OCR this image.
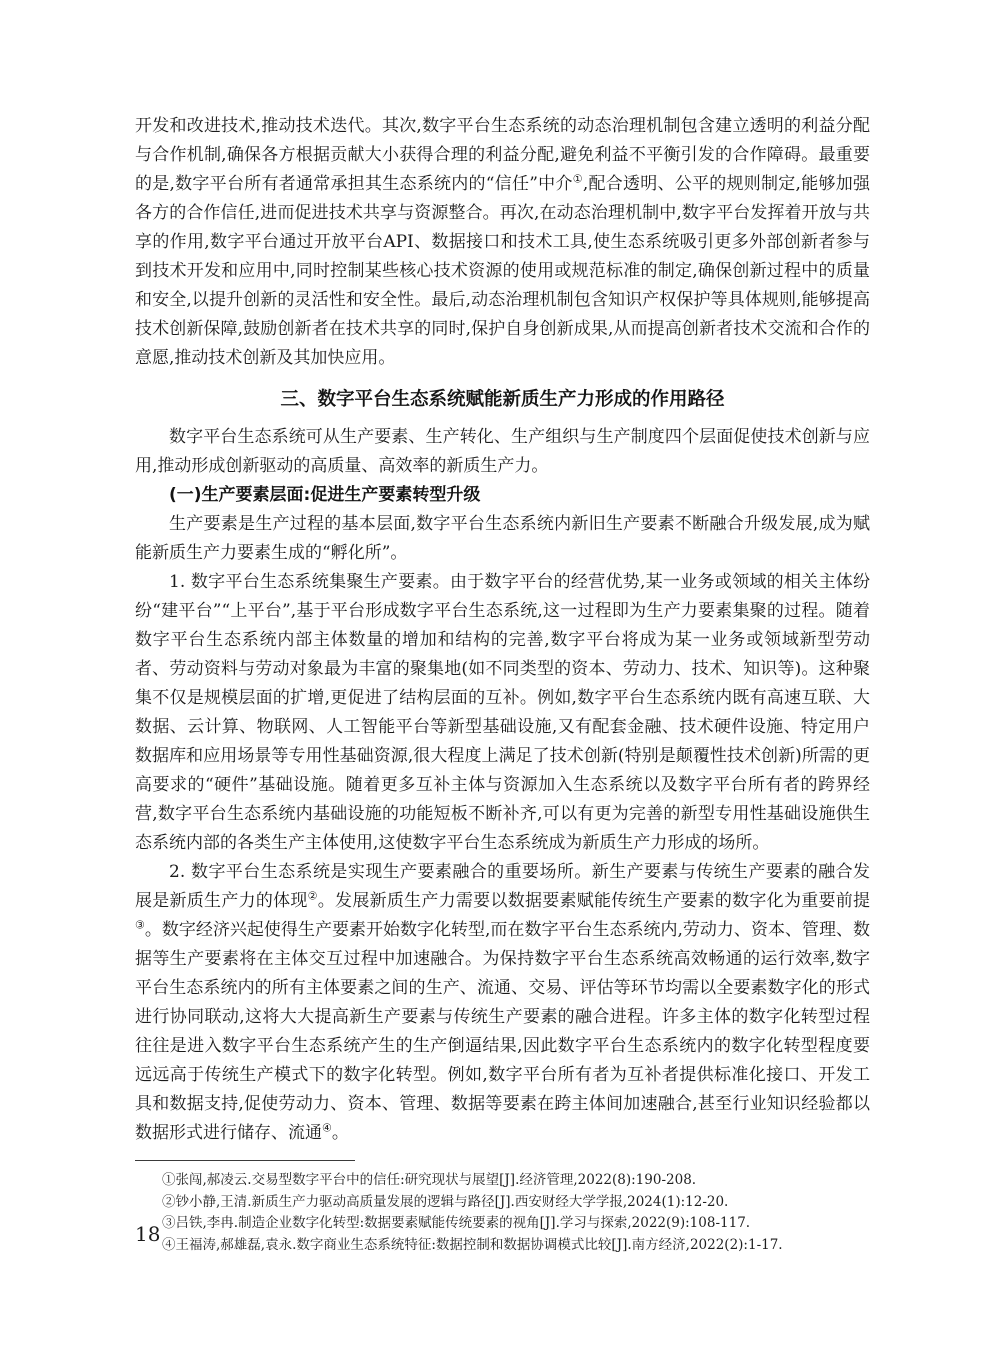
开发和改进技术,推动技术迭代。其次,数字平台生态系统的动态治理机制包含建立透明的利益分配与合作机制,确保各方根据贡献大小获得合理的利益分配,避免利益不平衡引发的合作障碍。最重要的是,数字平台所有者通常承担其生态系统内的“信任”中介①,配合透明、公平的规则制定,能够加强各方的合作信任,进而促进技术共享与资源整合。再次,在动态治理机制中,数字平台发挥着开放与共享的作用,数字平台通过开放平台API、数据接口和技术工具,使生态系统吸引更多外部创新者参与到技术开发和应用中,同时控制某些核心技术资源的使用或规范标准的制定,确保创新过程中的质量和安全,以提升创新的灵活性和安全性。最后,动态治理机制包含知识产权保护等具体规则,能够提高技术创新保障,鼓励创新者在技术共享的同时,保护自身创新成果,从而提高创新者技术交流和合作的意愿,推动技术创新及其加快应用。

三、数字平台生态系统赋能新质生产力形成的作用路径

数字平台生态系统可从生产要素、生产转化、生产组织与生产制度四个层面促使技术创新与应用,推动形成创新驱动的高质量、高效率的新质生产力。

(一)生产要素层面:促进生产要素转型升级

生产要素是生产过程的基本层面,数字平台生态系统内新旧生产要素不断融合升级发展,成为赋能新质生产力要素生成的“孵化所”。

1. 数字平台生态系统集聚生产要素。由于数字平台的经营优势,某一业务或领域的相关主体纷纷“建平台”“上平台”,基于平台形成数字平台生态系统,这一过程即为生产力要素集聚的过程。随着数字平台生态系统内部主体数量的增加和结构的完善,数字平台将成为某一业务或领域新型劳动者、劳动资料与劳动对象最为丰富的聚集地(如不同类型的资本、劳动力、技术、知识等)。这种聚集不仅是规模层面的扩增,更促进了结构层面的互补。例如,数字平台生态系统内既有高速互联、大数据、云计算、物联网、人工智能平台等新型基础设施,又有配套金融、技术硬件设施、特定用户数据库和应用场景等专用性基础资源,很大程度上满足了技术创新(特别是颠覆性技术创新)所需的更高要求的“硬件”基础设施。随着更多互补主体与资源加入生态系统以及数字平台所有者的跨界经营,数字平台生态系统内基础设施的功能短板不断补齐,可以有更为完善的新型专用性基础设施供生态系统内部的各类生产主体使用,这使数字平台生态系统成为新质生产力形成的场所。

2. 数字平台生态系统是实现生产要素融合的重要场所。新生产要素与传统生产要素的融合发展是新质生产力的体现②。发展新质生产力需要以数据要素赋能传统生产要素的数字化为重要前提③。数字经济兴起使得生产要素开始数字化转型,而在数字平台生态系统内,劳动力、资本、管理、数据等生产要素将在主体交互过程中加速融合。为保持数字平台生态系统高效畅通的运行效率,数字平台生态系统内的所有主体要素之间的生产、流通、交易、评估等环节均需以全要素数字化的形式进行协同联动,这将大大提高新生产要素与传统生产要素的融合进程。许多主体的数字化转型过程往往是进入数字平台生态系统产生的生产倒逼结果,因此数字平台生态系统内的数字化转型程度要远远高于传统生产模式下的数字化转型。例如,数字平台所有者为互补者提供标准化接口、开发工具和数据支持,促使劳动力、资本、管理、数据等要素在跨主体间加速融合,甚至行业知识经验都以数据形式进行储存、流通④。

①张闯,郝凌云.交易型数字平台中的信任:研究现状与展望[J].经济管理,2022(8):190-208.

②钞小静,王清.新质生产力驱动高质量发展的逻辑与路径[J].西安财经大学学报,2024(1):12-20.

③吕铁,李冉.制造企业数字化转型:数据要素赋能传统要素的视角[J].学习与探索,2022(9):108-117.

④王福涛,郝雄磊,袁永.数字商业生态系统特征:数据控制和数据协调模式比较[J].南方经济,2022(2):1-17.

18
